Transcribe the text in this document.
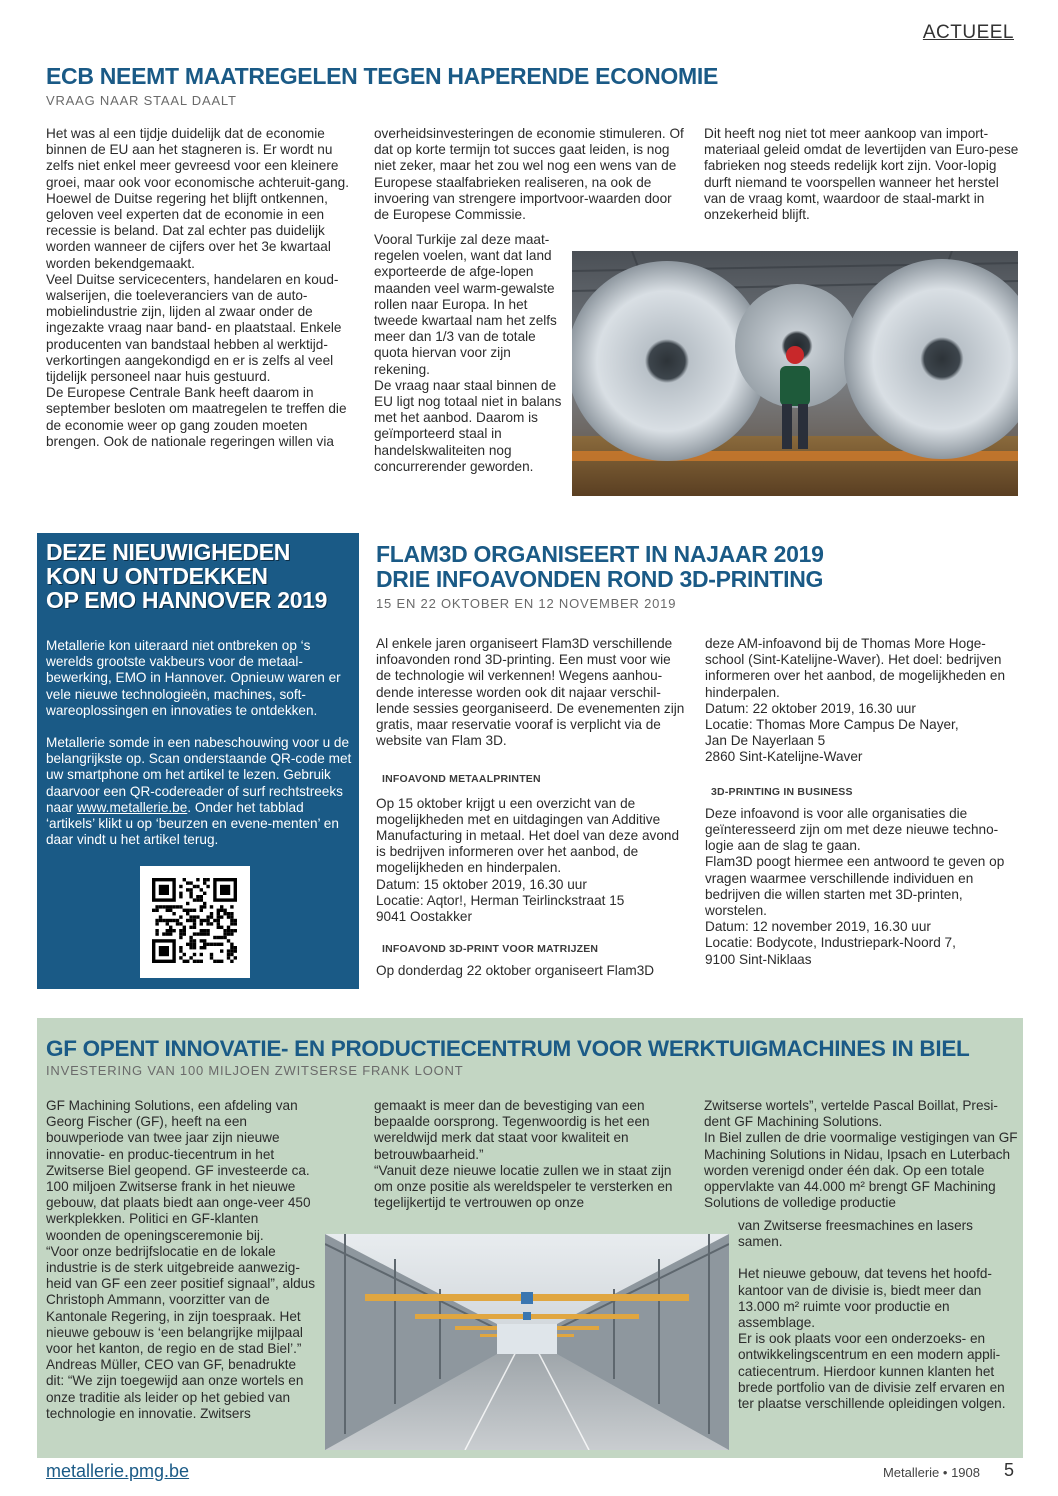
ACTUEEL
ECB NEEMT MAATREGELEN TEGEN HAPERENDE ECONOMIE
VRAAG NAAR STAAL DAALT

Het was al een tijdje duidelijk dat de economie binnen de EU aan het stagneren is. Er wordt nu zelfs niet enkel meer gevreesd voor een kleinere groei, maar ook voor economische achteruit-gang.

Hoewel de Duitse regering het blijft ontkennen, geloven veel experten dat de economie in een recessie is beland. Dat zal echter pas duidelijk worden wanneer de cijfers over het 3e kwartaal worden bekendgemaakt.

Veel Duitse servicecenters, handelaren en koud-walserijen, die toeleveranciers van de auto-mobielindustrie zijn, lijden al zwaar onder de ingezakte vraag naar band- en plaatstaal. Enkele producenten van bandstaal hebben al werktijd-verkortingen aangekondigd en er is zelfs al veel tijdelijk personeel naar huis gestuurd.

De Europese Centrale Bank heeft daarom in september besloten om maatregelen te treffen die de economie weer op gang zouden moeten brengen. Ook de nationale regeringen willen via

overheidsinvesteringen de economie stimuleren. Of dat op korte termijn tot succes gaat leiden, is nog niet zeker, maar het zou wel nog een wens van de Europese staalfabrieken realiseren, na ook de invoering van strengere importvoor-waarden door de Europese Commissie.

Vooral Turkije zal deze maat-regelen voelen, want dat land exporteerde de afge-lopen maanden veel warm-gewalste rollen naar Europa. In het tweede kwartaal nam het zelfs meer dan 1/3 van de totale quota hiervan voor zijn rekening.

De vraag naar staal binnen de EU ligt nog totaal niet in balans met het aanbod. Daarom is geïmporteerd staal in handelskwaliteiten nog concurrerender geworden.

Dit heeft nog niet tot meer aankoop van import-materiaal geleid omdat de levertijden van Euro-pese fabrieken nog steeds redelijk kort zijn. Voor-lopig durft niemand te voorspellen wanneer het herstel van de vraag komt, waardoor de staal-markt in onzekerheid blijft.

DEZE NIEUWIGHEDEN
KON U ONTDEKKEN
OP EMO HANNOVER 2019

Metallerie kon uiteraard niet ontbreken op ‘s werelds grootste vakbeurs voor de metaal-bewerking, EMO in Hannover. Opnieuw waren er vele nieuwe technologieën, machines, soft-wareoplossingen en innovaties te ontdekken.

Metallerie somde in een nabeschouwing voor u de belangrijkste op. Scan onderstaande QR-code met uw smartphone om het artikel te lezen. Gebruik daarvoor een QR-codereader of surf rechtstreeks naar www.metallerie.be. Onder het tabblad ‘artikels’ klikt u op ‘beurzen en evene-menten’ en daar vindt u het artikel terug.

FLAM3D ORGANISEERT IN NAJAAR 2019
DRIE INFOAVONDEN ROND 3D-PRINTING
15 EN 22 OKTOBER EN 12 NOVEMBER 2019

Al enkele jaren organiseert Flam3D verschillende infoavonden rond 3D-printing. Een must voor wie de technologie wil verkennen! Wegens aanhou-dende interesse worden ook dit najaar verschil-lende sessies georganiseerd. De evenementen zijn gratis, maar reservatie vooraf is verplicht via de website van Flam 3D.

INFOAVOND METAALPRINTEN

Op 15 oktober krijgt u een overzicht van de mogelijkheden met en uitdagingen van Additive Manufacturing in metaal. Het doel van deze avond is bedrijven informeren over het aanbod, de mogelijkheden en hinderpalen.

Datum: 15 oktober 2019, 16.30 uur

Locatie: Aqtor!, Herman Teirlinckstraat 15

9041 Oostakker

INFOAVOND 3D-PRINT VOOR MATRIJZEN

Op donderdag 22 oktober organiseert Flam3D

deze AM-infoavond bij de Thomas More Hoge-school (Sint-Katelijne-Waver). Het doel: bedrijven informeren over het aanbod, de mogelijkheden en hinderpalen.

Datum: 22 oktober 2019, 16.30 uur

Locatie: Thomas More Campus De Nayer,

Jan De Nayerlaan 5

2860 Sint-Katelijne-Waver

3D-PRINTING IN BUSINESS

Deze infoavond is voor alle organisaties die geïnteresseerd zijn om met deze nieuwe techno-logie aan de slag te gaan.

Flam3D poogt hiermee een antwoord te geven op vragen waarmee verschillende individuen en bedrijven die willen starten met 3D-printen, worstelen.

Datum: 12 november 2019, 16.30 uur

Locatie: Bodycote, Industriepark-Noord 7,

9100 Sint-Niklaas

GF OPENT INNOVATIE- EN PRODUCTIECENTRUM VOOR WERKTUIGMACHINES IN BIEL
INVESTERING VAN 100 MILJOEN ZWITSERSE FRANK LOONT

GF Machining Solutions, een afdeling van Georg Fischer (GF), heeft na een bouwperiode van twee jaar zijn nieuwe innovatie- en produc-tiecentrum in het Zwitserse Biel geopend. GF investeerde ca. 100 miljoen Zwitserse frank in het nieuwe gebouw, dat plaats biedt aan onge-veer 450 werkplekken. Politici en GF-klanten woonden de openingsceremonie bij.

“Voor onze bedrijfslocatie en de lokale industrie is de sterk uitgebreide aanwezig-heid van GF een zeer positief signaal”, aldus Christoph Ammann, voorzitter van de Kantonale Regering, in zijn toespraak. Het nieuwe gebouw is ‘een belangrijke mijlpaal voor het kanton, de regio en de stad Biel’.”

Andreas Müller, CEO van GF, benadrukte dit: “We zijn toegewijd aan onze wortels en onze traditie als leider op het gebied van technologie en innovatie. Zwitsers

gemaakt is meer dan de bevestiging van een bepaalde oorsprong. Tegenwoordig is het een wereldwijd merk dat staat voor kwaliteit en betrouwbaarheid.”

“Vanuit deze nieuwe locatie zullen we in staat zijn om onze positie als wereldspeler te versterken en tegelijkertijd te vertrouwen op onze

Zwitserse wortels”, vertelde Pascal Boillat, Presi-dent GF Machining Solutions.

In Biel zullen de drie voormalige vestigingen van GF Machining Solutions in Nidau, Ipsach en Luterbach worden verenigd onder één dak. Op een totale oppervlakte van 44.000 m² brengt GF Machining Solutions de volledige productie

van Zwitserse freesmachines en lasers samen.

Het nieuwe gebouw, dat tevens het hoofd-kantoor van de divisie is, biedt meer dan 13.000 m² ruimte voor productie en assemblage.

Er is ook plaats voor een onderzoeks- en ontwikkelingscentrum en een modern appli-catiecentrum. Hierdoor kunnen klanten het brede portfolio van de divisie zelf ervaren en ter plaatse verschillende opleidingen volgen.

metallerie.pmg.be	Metallerie • 1908 5
